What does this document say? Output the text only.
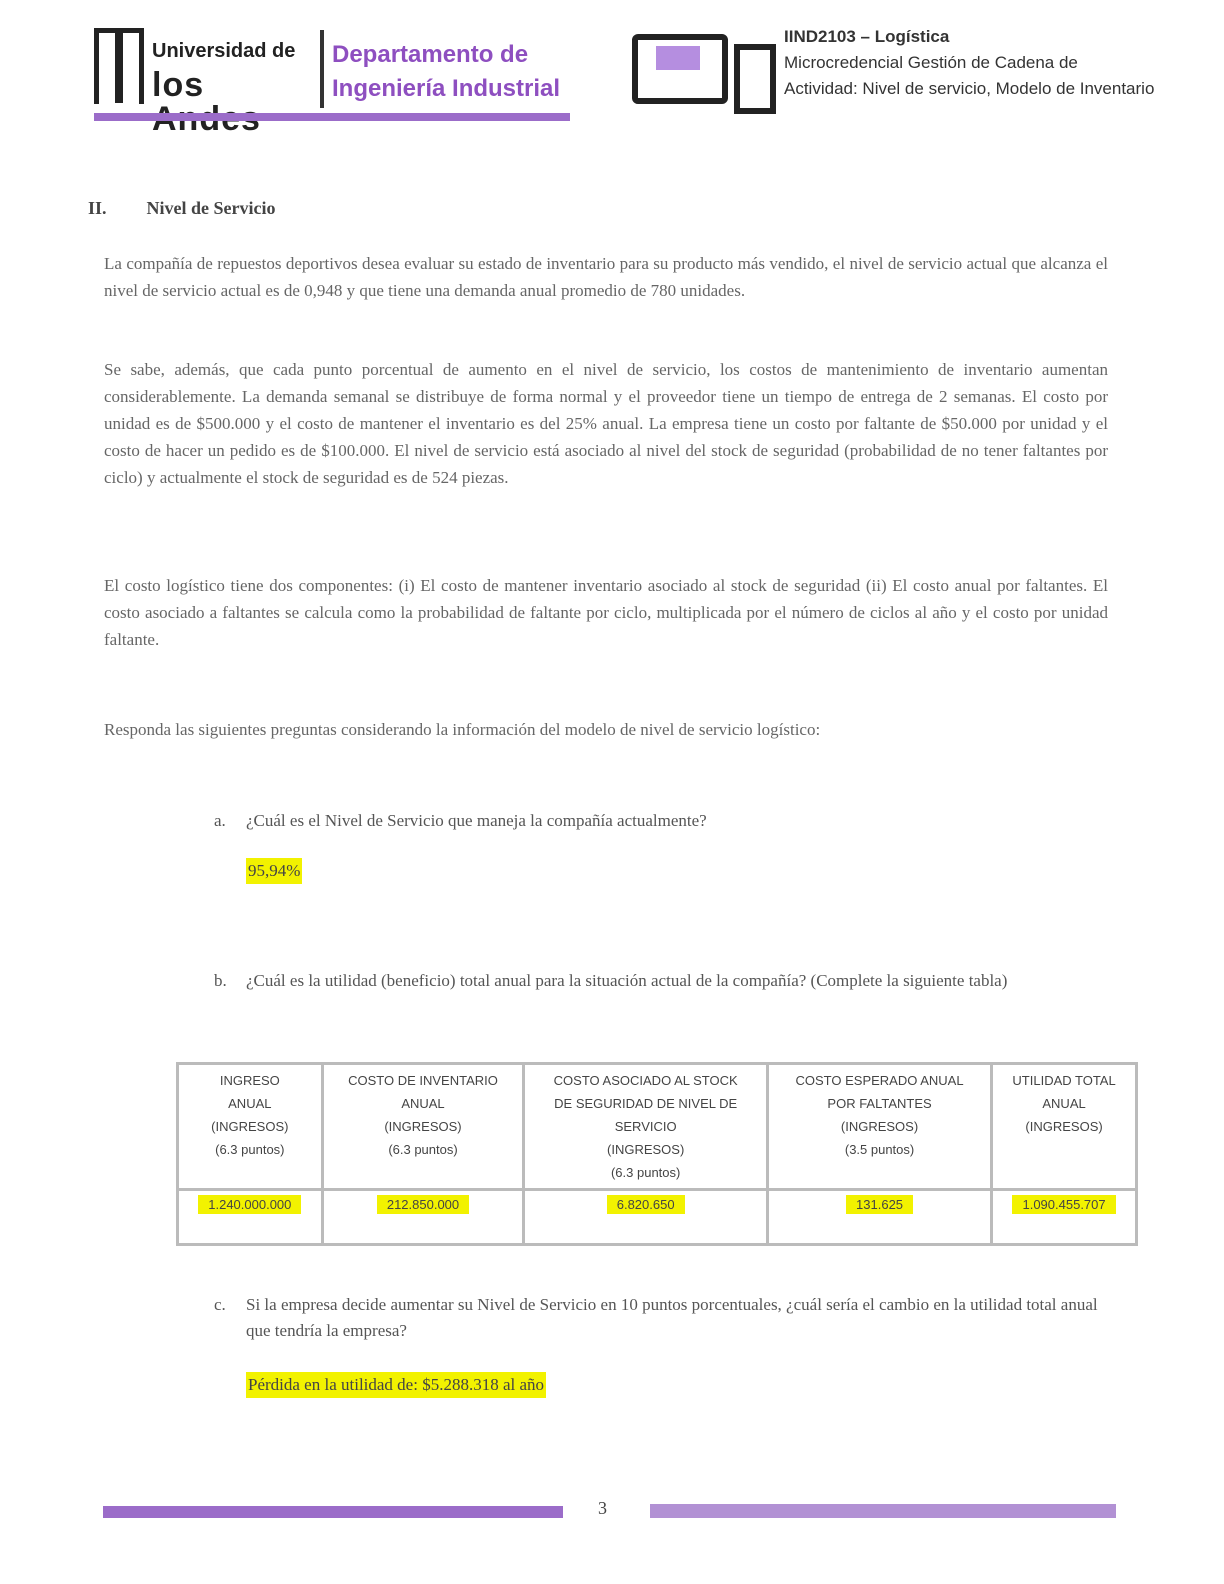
Universidad de
los
Departamento de
Ingeniería Industrial
IIND2103 – Logística
Microcredencial Gestión de Cadena de
Actividad: Nivel de servicio, Modelo de Inventario
II. Nivel de Servicio
La compañía de repuestos deportivos desea evaluar su estado de inventario para su producto más vendido, el nivel de servicio actual que alcanza el nivel de servicio actual es de 0,948 y que tiene una demanda anual promedio de 780 unidades.
Se sabe, además, que cada punto porcentual de aumento en el nivel de servicio, los costos de mantenimiento de inventario aumentan considerablemente. La demanda semanal se distribuye de forma normal y el proveedor tiene un tiempo de entrega de 2 semanas. El costo por unidad es de $500.000 y el costo de mantener el inventario es del 25% anual. La empresa tiene un costo por faltante de $50.000 por unidad y el costo de hacer un pedido es de $100.000. El nivel de servicio está asociado al nivel del stock de seguridad (probabilidad de no tener faltantes por ciclo) y actualmente el stock de seguridad es de 524 piezas.
El costo logístico tiene dos componentes: (i) El costo de mantener inventario asociado al stock de seguridad (ii) El costo anual por faltantes. El costo asociado a faltantes se calcula como la probabilidad de faltante por ciclo, multiplicada por el número de ciclos al año y el costo por unidad faltante.
Responda las siguientes preguntas considerando la información del modelo de nivel de servicio logístico:
a. ¿Cuál es el Nivel de Servicio que maneja la compañía actualmente?
95,94%
b. ¿Cuál es la utilidad (beneficio) total anual para la situación actual de la compañía? (Complete la siguiente tabla)
INGRESO
ANUAL
(INGRESOS)
(6.3 puntos)	COSTO DE INVENTARIO
ANUAL
(INGRESOS)
(6.3 puntos)	COSTO ASOCIADO AL STOCK
DE SEGURIDAD DE NIVEL DE
SERVICIO
(INGRESOS)
(6.3 puntos)	COSTO ESPERADO ANUAL
POR FALTANTES
(INGRESOS)
(3.5 puntos)	UTILIDAD TOTAL
ANUAL
(INGRESOS)

1.240.000.000	212.850.000	6.820.650	131.625	1.090.455.707
c. Si la empresa decide aumentar su Nivel de Servicio en 10 puntos porcentuales, ¿cuál sería el cambio en la utilidad total anual que tendría la empresa?
Pérdida en la utilidad de: $5.288.318 al año
3
